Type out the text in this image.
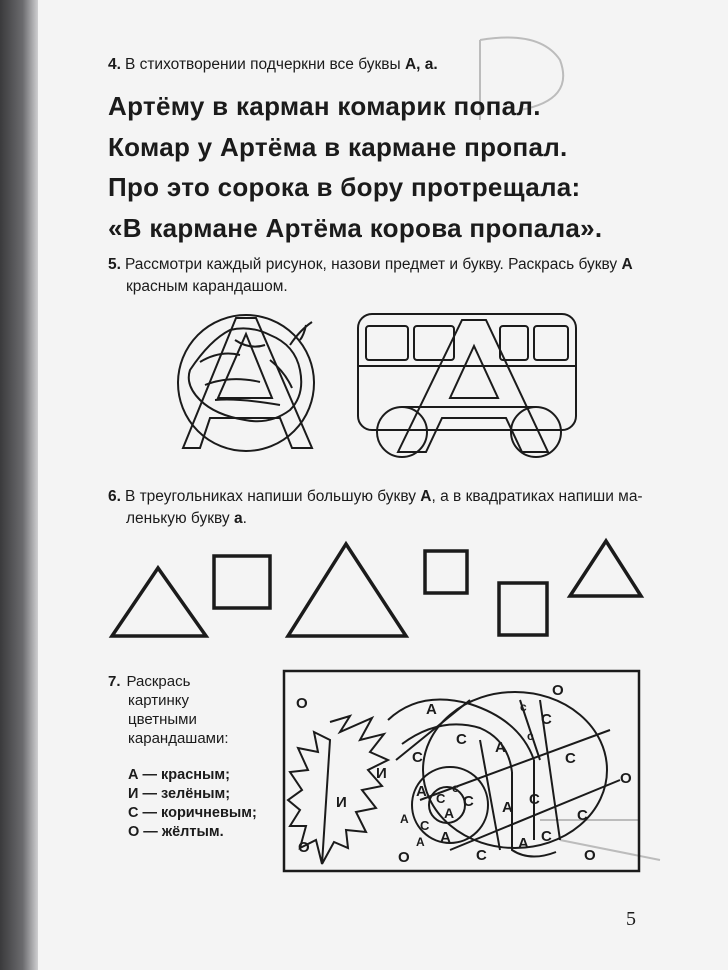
4. В стихотворении подчеркни все буквы А, а.
Артёму в карман комарик попал.
Комар у Артёма в кармане пропал.
Про это сорока в бору протрещала:
«В кармане Артёма корова пропала».
5. Рассмотри каждый рисунок, назови предмет и букву. Раскрась букву А
красным карандашом.
6. В треугольниках напиши большую букву А, а в квадратиках напиши ма-
ленькую букву а.
7. Раскрась
картинку
цветными
карандашами:
А — красным;
И — зелёным;
С — коричневым;
О — жёлтым.
О
О
О
О
О	О
А
А
А
А	А
А	А
А
А
С
С
С	С
С	С
С
С
С
С
С
с
с
с
И
И
5
